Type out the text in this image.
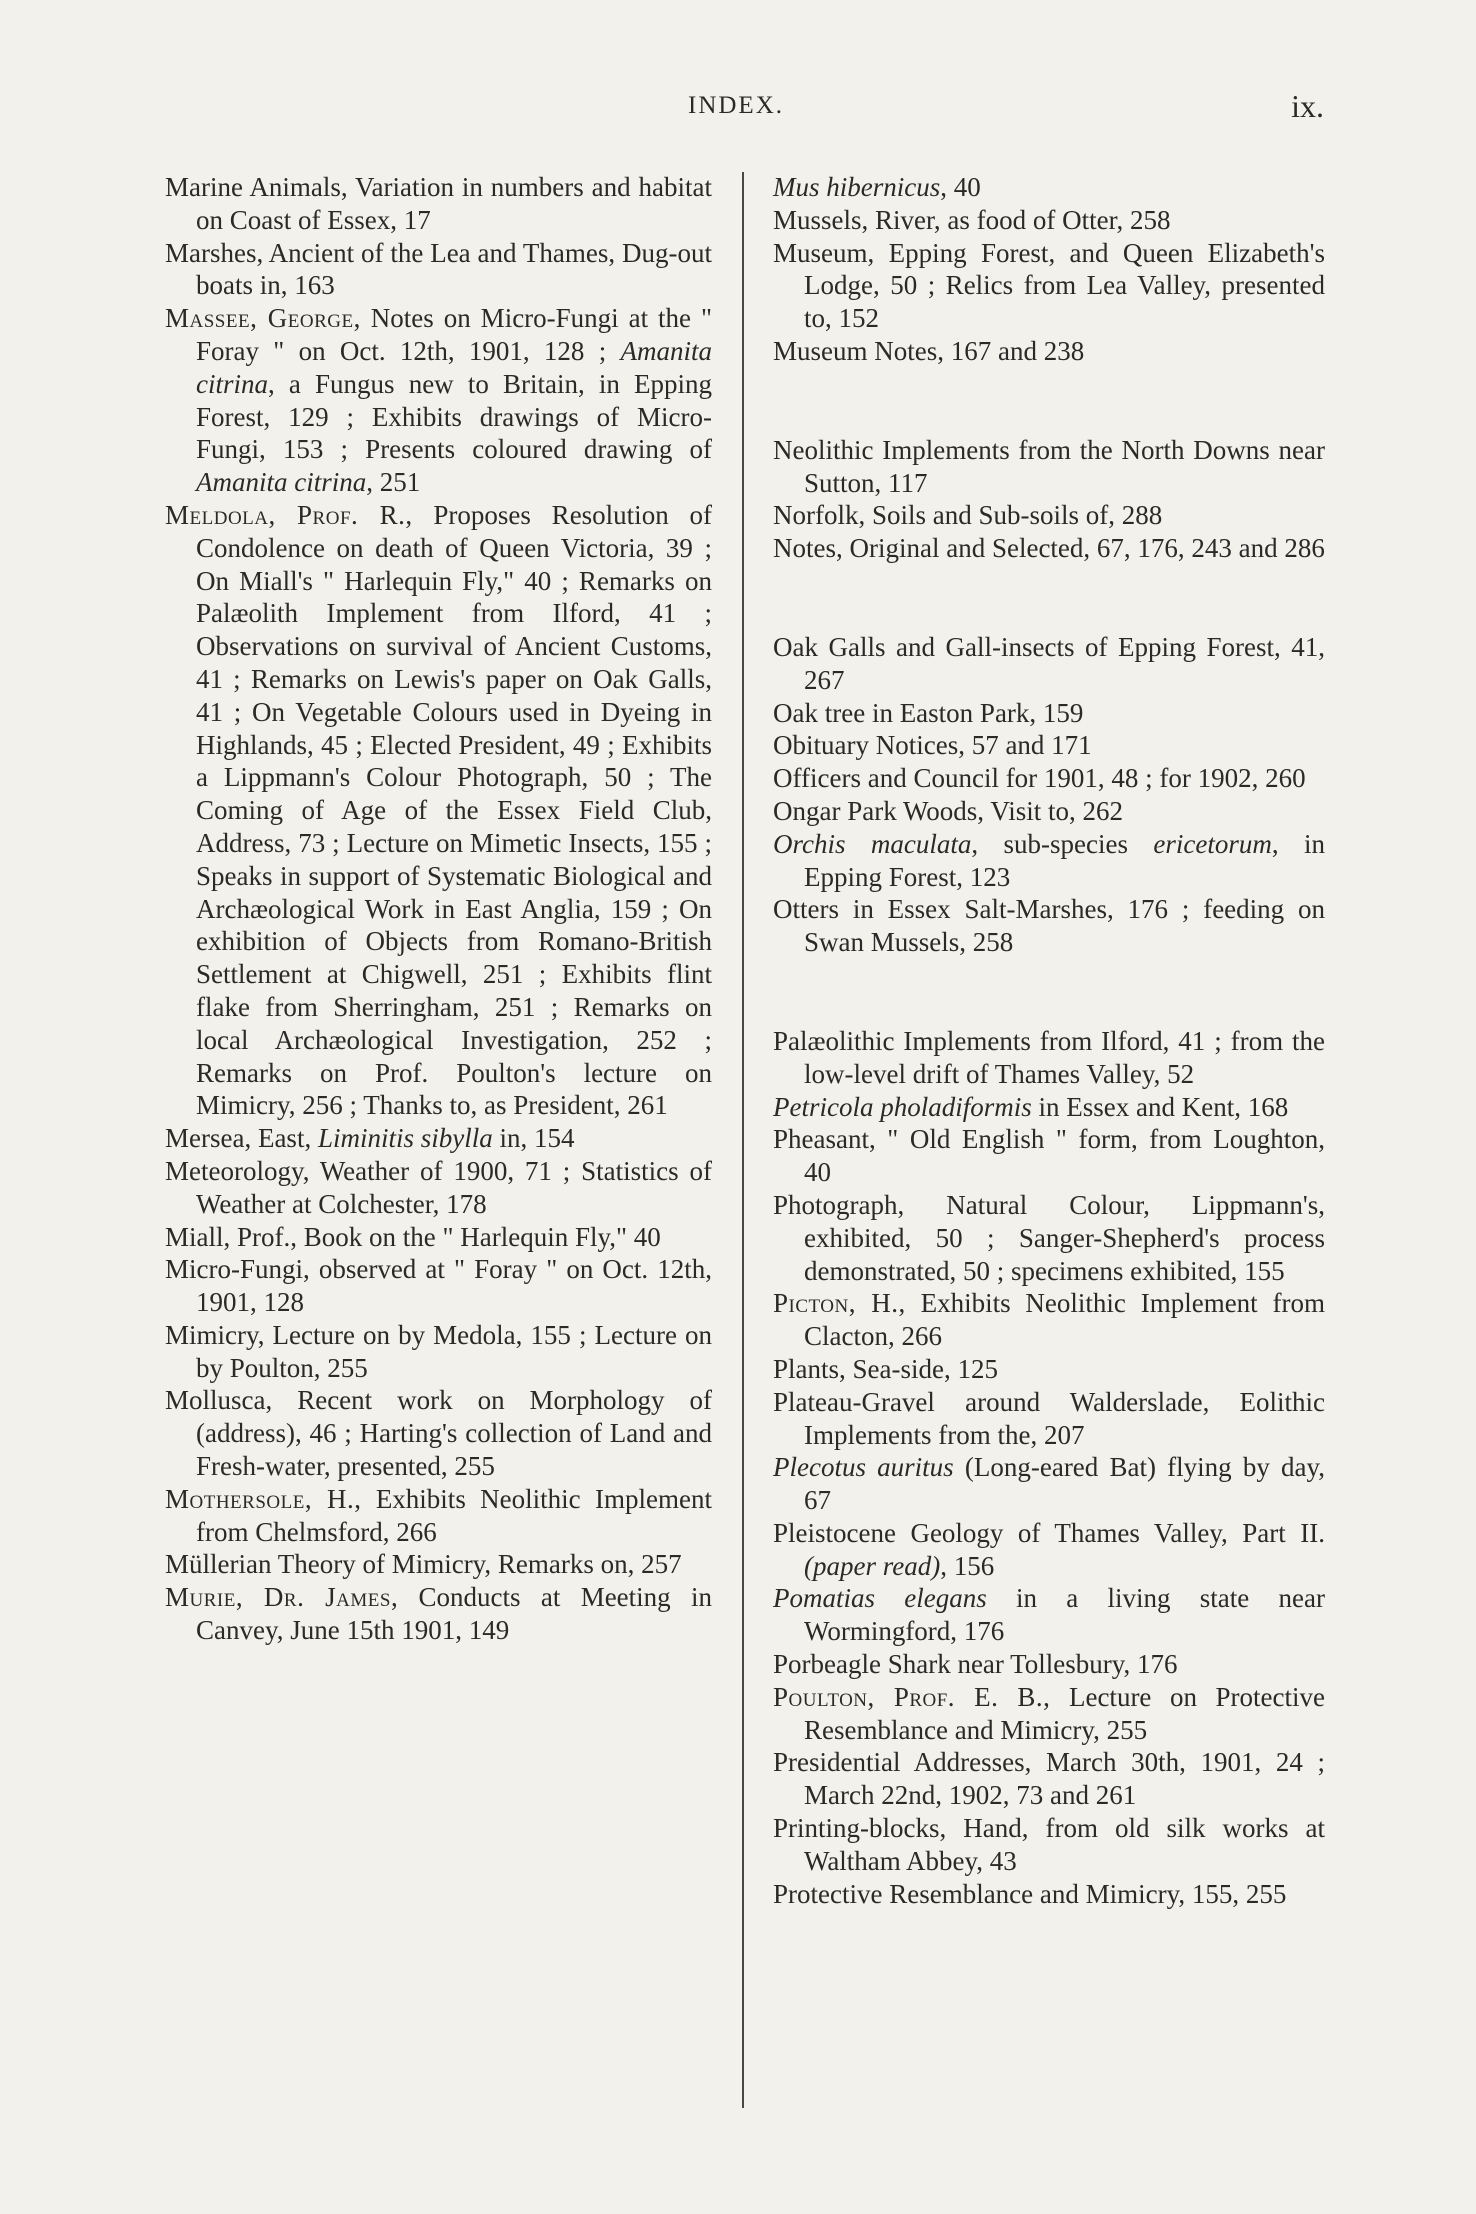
INDEX.	ix.

Marine Animals, Variation in numbers and habitat on Coast of Essex, 17

Marshes, Ancient of the Lea and Thames, Dug-out boats in, 163

Massee, George, Notes on Micro-Fungi at the " Foray " on Oct. 12th, 1901, 128 ; Amanita citrina, a Fungus new to Britain, in Epping Forest, 129 ; Exhibits drawings of Micro-Fungi, 153 ; Presents coloured drawing of Amanita citrina, 251

Meldola, Prof. R., Proposes Resolution of Condolence on death of Queen Victoria, 39 ; On Miall's " Harlequin Fly," 40 ; Remarks on Palæolith Implement from Ilford, 41 ; Observations on survival of Ancient Customs, 41 ; Remarks on Lewis's paper on Oak Galls, 41 ; On Vegetable Colours used in Dyeing in Highlands, 45 ; Elected President, 49 ; Exhibits a Lippmann's Colour Photograph, 50 ; The Coming of Age of the Essex Field Club, Address, 73 ; Lecture on Mimetic Insects, 155 ; Speaks in support of Systematic Biological and Archæological Work in East Anglia, 159 ; On exhibition of Objects from Romano-British Settlement at Chigwell, 251 ; Exhibits flint flake from Sherringham, 251 ; Remarks on local Archæological Investigation, 252 ; Remarks on Prof. Poulton's lecture on Mimicry, 256 ; Thanks to, as President, 261

Mersea, East, Liminitis sibylla in, 154

Meteorology, Weather of 1900, 71 ; Statistics of Weather at Colchester, 178

Miall, Prof., Book on the " Harlequin Fly," 40

Micro-Fungi, observed at " Foray " on Oct. 12th, 1901, 128

Mimicry, Lecture on by Medola, 155 ; Lecture on by Poulton, 255

Mollusca, Recent work on Morphology of (address), 46 ; Harting's collection of Land and Fresh-water, presented, 255

Mothersole, H., Exhibits Neolithic Implement from Chelmsford, 266

Müllerian Theory of Mimicry, Remarks on, 257

Murie, Dr. James, Conducts at Meeting in Canvey, June 15th 1901, 149

Mus hibernicus, 40

Mussels, River, as food of Otter, 258

Museum, Epping Forest, and Queen Elizabeth's Lodge, 50 ; Relics from Lea Valley, presented to, 152

Museum Notes, 167 and 238

Neolithic Implements from the North Downs near Sutton, 117

Norfolk, Soils and Sub-soils of, 288

Notes, Original and Selected, 67, 176, 243 and 286

Oak Galls and Gall-insects of Epping Forest, 41, 267

Oak tree in Easton Park, 159

Obituary Notices, 57 and 171

Officers and Council for 1901, 48 ; for 1902, 260

Ongar Park Woods, Visit to, 262

Orchis maculata, sub-species ericetorum, in Epping Forest, 123

Otters in Essex Salt-Marshes, 176 ; feeding on Swan Mussels, 258

Palæolithic Implements from Ilford, 41 ; from the low-level drift of Thames Valley, 52

Petricola pholadiformis in Essex and Kent, 168

Pheasant, " Old English " form, from Loughton, 40

Photograph, Natural Colour, Lippmann's, exhibited, 50 ; Sanger-Shepherd's process demonstrated, 50 ; specimens exhibited, 155

Picton, H., Exhibits Neolithic Implement from Clacton, 266

Plants, Sea-side, 125

Plateau-Gravel around Walderslade, Eolithic Implements from the, 207

Plecotus auritus (Long-eared Bat) flying by day, 67

Pleistocene Geology of Thames Valley, Part II. (paper read), 156

Pomatias elegans in a living state near Wormingford, 176

Porbeagle Shark near Tollesbury, 176

Poulton, Prof. E. B., Lecture on Protective Resemblance and Mimicry, 255

Presidential Addresses, March 30th, 1901, 24 ; March 22nd, 1902, 73 and 261

Printing-blocks, Hand, from old silk works at Waltham Abbey, 43

Protective Resemblance and Mimicry, 155, 255
